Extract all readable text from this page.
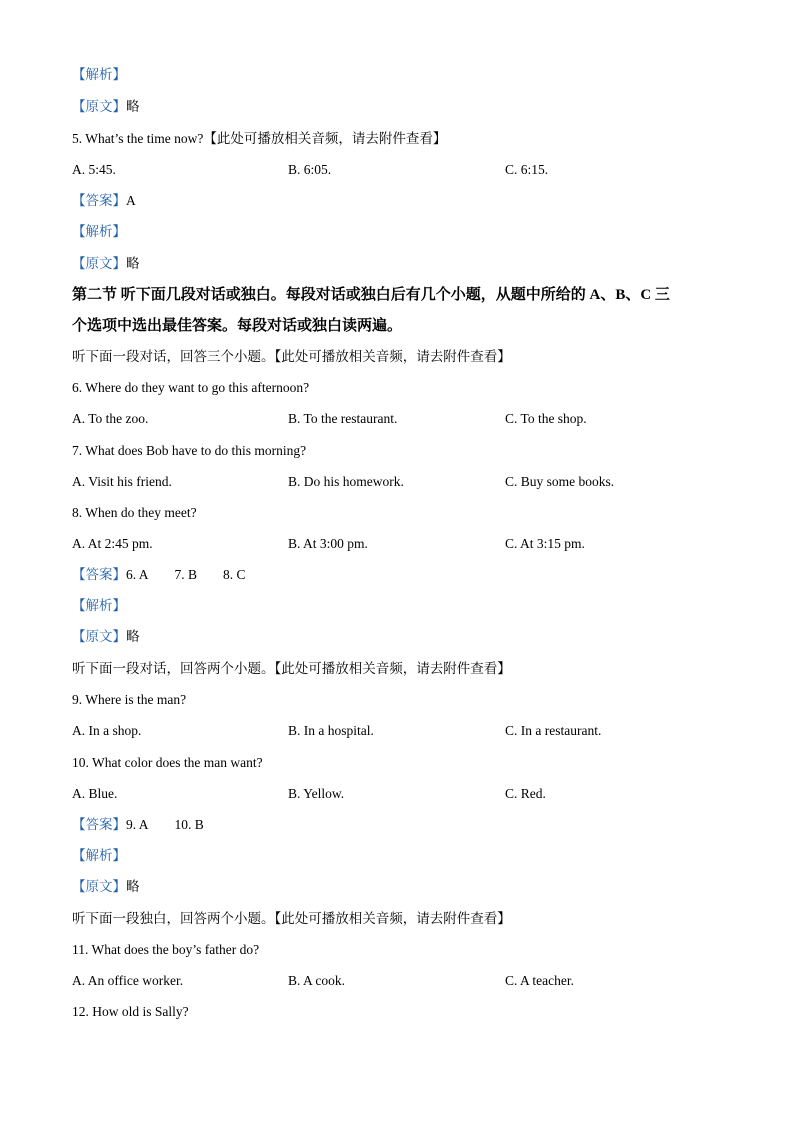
【解析】
【原文】略
5. What’s the time now?【此处可播放相关音频，请去附件查看】
A. 5:45.	B. 6:05.	C. 6:15.
【答案】A
【解析】
【原文】略
第二节 听下面几段对话或独白。每段对话或独白后有几个小题，从题中所给的 A、B、C 三
个选项中选出最佳答案。每段对话或独白读两遍。
听下面一段对话，回答三个小题。【此处可播放相关音频，请去附件查看】
6. Where do they want to go this afternoon?
A. To the zoo.	B. To the restaurant.	C. To the shop.
7. What does Bob have to do this morning?
A. Visit his friend.	B. Do his homework.	C. Buy some books.
8. When do they meet?
A. At 2:45 pm.	B. At 3:00 pm.	C. At 3:15 pm.
【答案】6. A 7. B 8. C
【解析】
【原文】略
听下面一段对话，回答两个小题。【此处可播放相关音频，请去附件查看】
9. Where is the man?
A. In a shop.	B. In a hospital.	C. In a restaurant.
10. What color does the man want?
A. Blue.	B. Yellow.	C. Red.
【答案】9. A 10. B
【解析】
【原文】略
听下面一段独白，回答两个小题。【此处可播放相关音频，请去附件查看】
11. What does the boy’s father do?
A. An office worker.	B. A cook.	C. A teacher.
12. How old is Sally?
